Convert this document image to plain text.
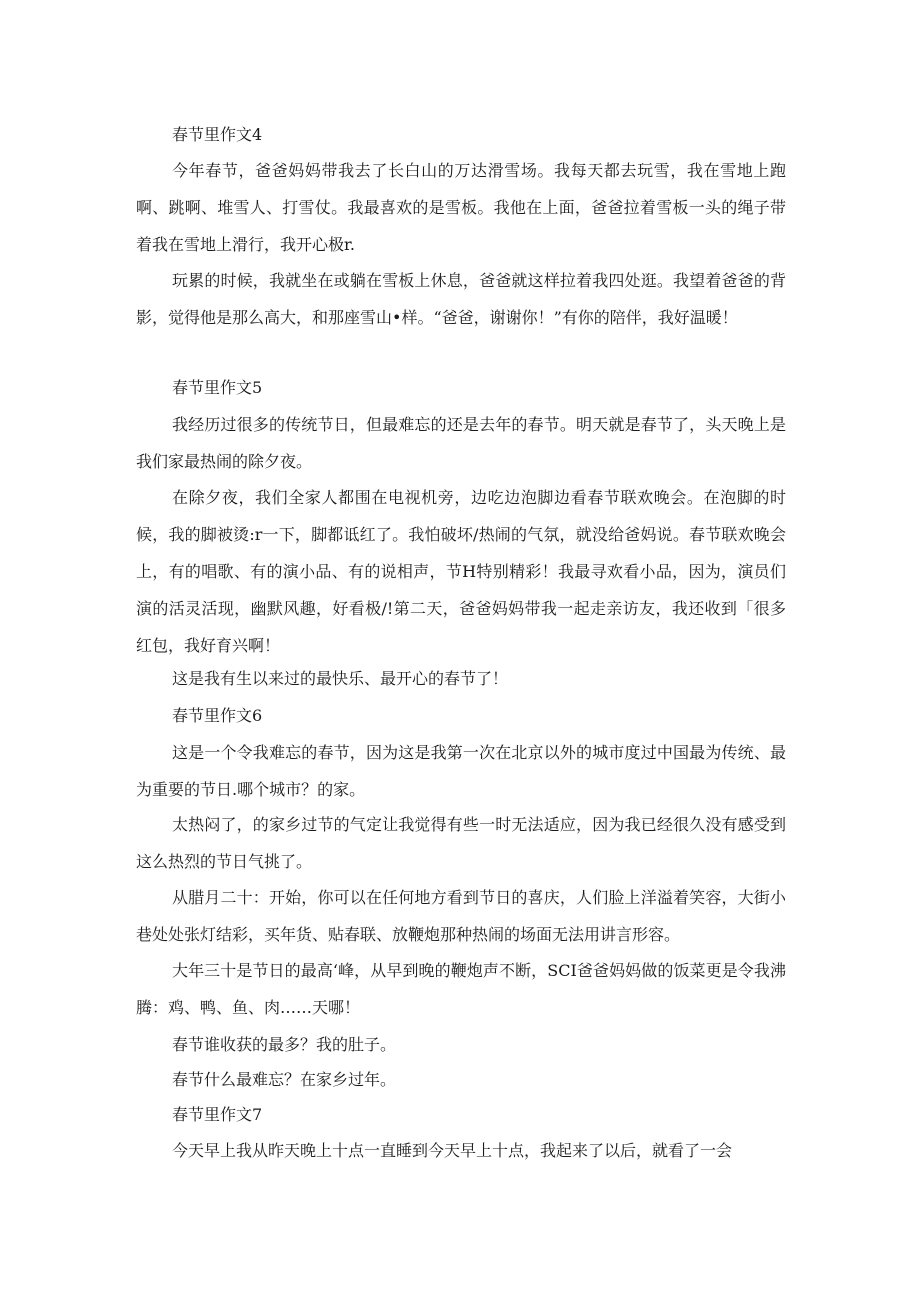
春节里作文4

今年春节，爸爸妈妈带我去了长白山的万达滑雪场。我每天都去玩雪，我在雪地上跑啊、跳啊、堆雪人、打雪仗。我最喜欢的是雪板。我他在上面，爸爸拉着雪板一头的绳子带着我在雪地上滑行，我开心极r.

玩累的时候，我就坐在或躺在雪板上休息，爸爸就这样拉着我四处逛。我望着爸爸的背影，觉得他是那么高大，和那座雪山•样。“爸爸，谢谢你！”有你的陪伴，我好温暖！

春节里作文5

我经历过很多的传统节日，但最难忘的还是去年的春节。明天就是春节了，头天晚上是我们家最热闹的除夕夜。

在除夕夜，我们全家人都围在电视机旁，边吃边泡脚边看春节联欢晚会。在泡脚的时候，我的脚被烫:r一下，脚都诋红了。我怕破坏/热闹的气氛，就没给爸妈说。春节联欢晚会上，有的唱歌、有的演小品、有的说相声，节H特别精彩！我最寻欢看小品，因为，演员们演的活灵活现，幽默风趣，好看极/!第二天，爸爸妈妈带我一起走亲访友，我还收到「很多红包，我好育兴啊！

这是我有生以来过的最快乐、最开心的春节了！

春节里作文6

这是一个令我难忘的春节，因为这是我第一次在北京以外的城市度过中国最为传统、最为重要的节日.哪个城市？的家。

太热闷了，的家乡过节的气定让我觉得有些一时无法适应，因为我已经很久没有感受到这么热烈的节日气挑了。

从腊月二十：开始，你可以在任何地方看到节日的喜庆，人们脸上洋溢着笑容，大街小巷处处张灯结彩，买年货、贴春联、放鞭炮那种热闹的场面无法用讲言形容。

大年三十是节日的最高‘峰，从早到晚的鞭炮声不断，SCI爸爸妈妈做的饭菜更是令我沸腾：鸡、鸭、鱼、肉……天哪！

春节谁收获的最多？我的肚子。

春节什么最难忘？在家乡过年。

春节里作文7

今天早上我从昨天晚上十点一直睡到今天早上十点，我起来了以后，就看了一会
